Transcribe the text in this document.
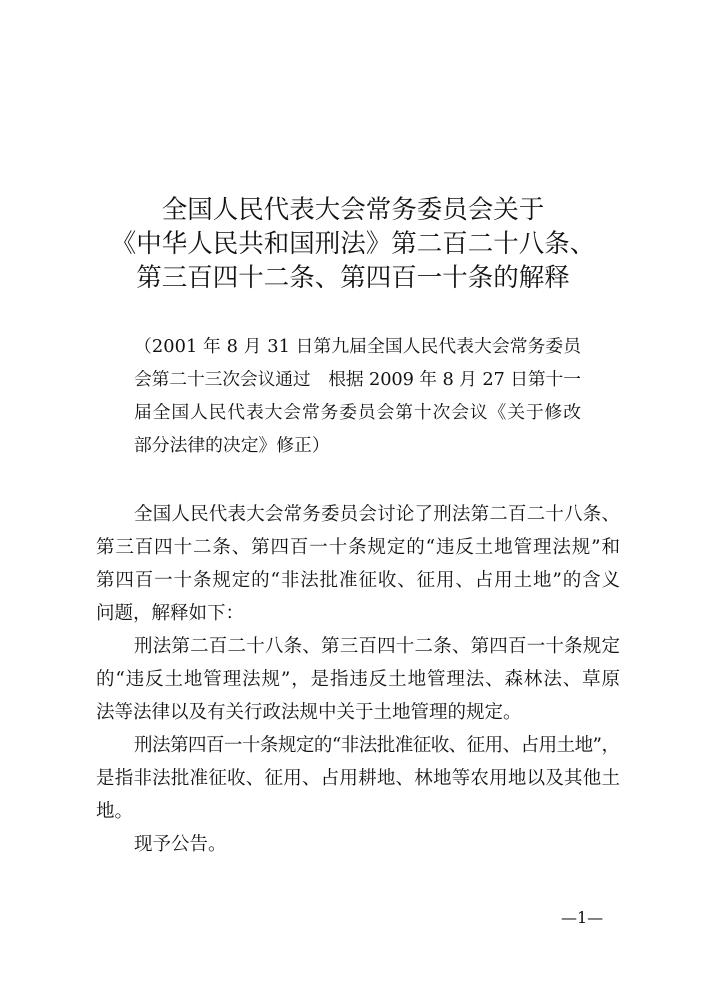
全国人民代表大会常务委员会关于
《中华人民共和国刑法》第二百二十八条、
第三百四十二条、第四百一十条的解释
（2001 年 8 月 31 日第九届全国人民代表大会常务委员
会第二十三次会议通过　根据 2009 年 8 月 27 日第十一
届全国人民代表大会常务委员会第十次会议《关于修改
部分法律的决定》修正）
全国人民代表大会常务委员会讨论了刑法第二百二十八条、
第三百四十二条、第四百一十条规定的“违反土地管理法规”和
第四百一十条规定的“非法批准征收、征用、占用土地”的含义
问题，解释如下：
刑法第二百二十八条、第三百四十二条、第四百一十条规定
的“违反土地管理法规”，是指违反土地管理法、森林法、草原
法等法律以及有关行政法规中关于土地管理的规定。
刑法第四百一十条规定的“非法批准征收、征用、占用土地”，
是指非法批准征收、征用、占用耕地、林地等农用地以及其他土
地。
现予公告。
—1—
